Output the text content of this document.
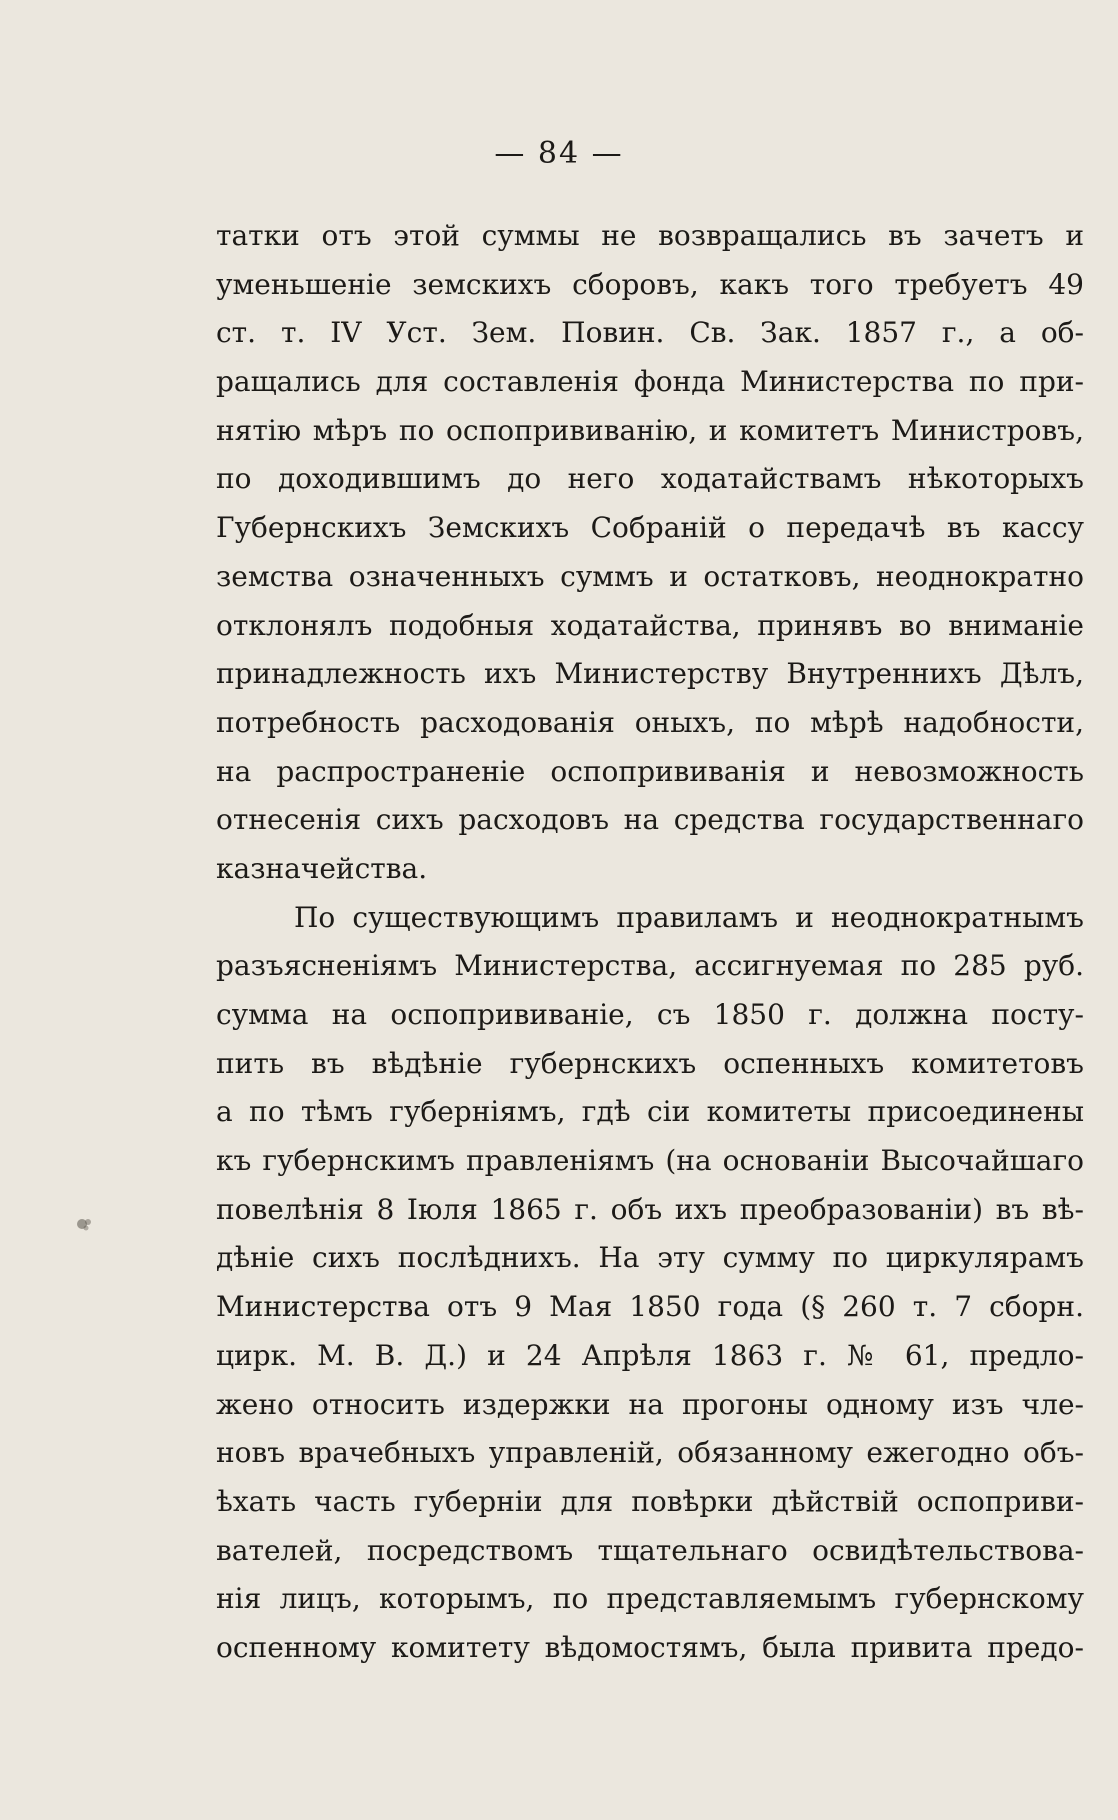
— 84 —
татки отъ этой суммы не возвращались въ зачетъ и
уменьшеніе земскихъ сборовъ, какъ того требуетъ 49
ст. т. IV Уст. Зем. Повин. Св. Зак. 1857 г., а об-
ращались для составленія фонда Министерства по при-
нятію мѣръ по оспопрививанію, и комитетъ Министровъ,
по доходившимъ до него ходатайствамъ нѣкоторыхъ
Губернскихъ Земскихъ Собраній о передачѣ въ кассу
земства означенныхъ суммъ и остатковъ, неоднократно
отклонялъ подобныя ходатайства, принявъ во вниманіе
принадлежность ихъ Министерству Внутреннихъ Дѣлъ,
потребность расходованія оныхъ, по мѣрѣ надобности,
на распространеніе оспопрививанія и невозможность
отнесенія сихъ расходовъ на средства государственнаго
казначейства.
По существующимъ правиламъ и неоднократнымъ
разъясненіямъ Министерства, ассигнуемая по 285 руб.
сумма на оспопрививаніе, съ 1850 г. должна посту-
пить въ вѣдѣніе губернскихъ оспенныхъ комитетовъ
а по тѣмъ губерніямъ, гдѣ сіи комитеты присоединены
къ губернскимъ правленіямъ (на основаніи Высочайшаго
повелѣнія 8 Іюля 1865 г. объ ихъ преобразованіи) въ вѣ-
дѣніе сихъ послѣднихъ. На эту сумму по циркулярамъ
Министерства отъ 9 Мая 1850 года (§ 260 т. 7 сборн.
цирк. М. В. Д.) и 24 Апрѣля 1863 г. № 61, предло-
жено относить издержки на прогоны одному изъ чле-
новъ врачебныхъ управленій, обязанному ежегодно объ-
ѣхать часть губерніи для повѣрки дѣйствій оспоприви-
вателей, посредствомъ тщательнаго освидѣтельствова-
нія лицъ, которымъ, по представляемымъ губернскому
оспенному комитету вѣдомостямъ, была привита предо-
